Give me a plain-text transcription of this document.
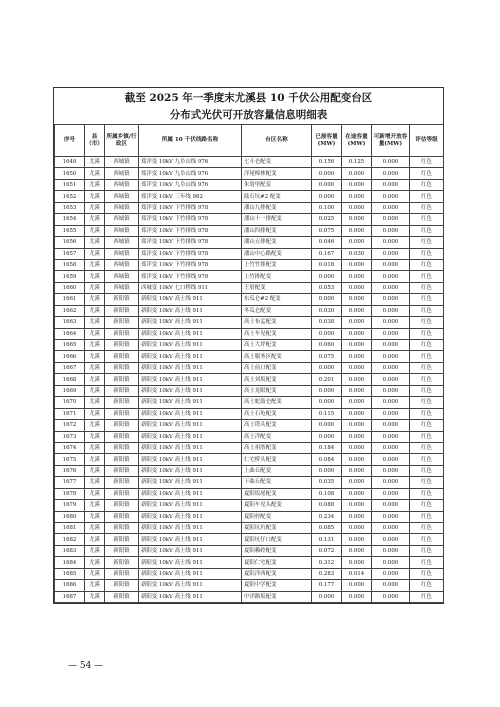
截至 2025 年一季度末尤溪县 10 千伏公用配变台区
分布式光伏可开放容量信息明细表
序号	县（市）	所属乡镇/行政区	所属 10 千伏线路名称	台区名称	已接容量(MW)	在途容量(MW)	可新增开放容量(MW)	评估等级
1649	尤溪	西城镇	郑洋变 10kV 九阜山线 976	七斗仑配变	0.156	0.125	0.000	红色
1650	尤溪	西城镇	郑洋变 10kV 九阜山线 976	洋尾樟林配变	0.000	0.000	0.000	红色
1651	尤溪	西城镇	郑洋变 10kV 九阜山线 976	朱厝里配变	0.000	0.000	0.000	红色
1652	尤溪	西城镇	郑洋变 10kV 三年线 982	陆石坑#2 配变	0.000	0.000	0.000	红色
1653	尤溪	西城镇	郑洋变 10kV 下竹排线 978	潘山九排配变	0.100	0.000	0.000	红色
1654	尤溪	西城镇	郑洋变 10kV 下竹排线 978	潘山十一排配变	0.025	0.000	0.000	红色
1655	尤溪	西城镇	郑洋变 10kV 下竹排线 978	潘山四排配变	0.075	0.000	0.000	红色
1656	尤溪	西城镇	郑洋变 10kV 下竹排线 978	潘山五排配变	0.046	0.000	0.000	红色
1657	尤溪	西城镇	郑洋变 10kV 下竹排线 978	潘山中心路配变	0.167	0.030	0.000	红色
1658	尤溪	西城镇	郑洋变 10kV 下竹排线 978	上竹竹排配变	0.018	0.000	0.000	红色
1659	尤溪	西城镇	郑洋变 10kV 下竹排线 978	上竹排配变	0.000	0.000	0.000	红色
1660	尤溪	西城镇	西城变 10kV 七口桥线 911	王厝配变	0.053	0.000	0.000	红色
1661	尤溪	新阳镇	新阳变 10kV 高士线 911	东瓜仑#2 配变	0.000	0.000	0.000	红色
1662	尤溪	新阳镇	新阳变 10kV 高士线 911	冬瓜仑配变	0.030	0.000	0.000	红色
1663	尤溪	新阳镇	新阳变 10kV 高士线 911	高士布孟配变	0.038	0.000	0.000	红色
1664	尤溪	新阳镇	新阳变 10kV 高士线 911	高士车见配变	0.000	0.000	0.000	红色
1665	尤溪	新阳镇	新阳变 10kV 高士线 911	高士大坪配变	0.060	0.000	0.000	红色
1666	尤溪	新阳镇	新阳变 10kV 高士线 911	高士服务区配变	0.075	0.000	0.000	红色
1667	尤溪	新阳镇	新阳变 10kV 高士线 911	高士前口配变	0.000	0.000	0.000	红色
1668	尤溪	新阳镇	新阳变 10kV 高士线 911	高士刘坂配变	0.201	0.000	0.000	红色
1669	尤溪	新阳镇	新阳变 10kV 高士线 911	高士龙眼配变	0.000	0.000	0.000	红色
1670	尤溪	新阳镇	新阳变 10kV 高士线 911	高士蛇鼓仑配变	0.000	0.000	0.000	红色
1671	尤溪	新阳镇	新阳变 10kV 高士线 911	高士石龟配变	0.115	0.000	0.000	红色
1672	尤溪	新阳镇	新阳变 10kV 高士线 911	高士塔头配变	0.000	0.000	0.000	红色
1673	尤溪	新阳镇	新阳变 10kV 高士线 911	高士洋配变	0.000	0.000	0.000	红色
1674	尤溪	新阳镇	新阳变 10kV 高士线 911	高士祖厝配变	0.184	0.000	0.000	红色
1675	尤溪	新阳镇	新阳变 10kV 高士线 911	仁宅桥头配变	0.084	0.000	0.000	红色
1676	尤溪	新阳镇	新阳变 10kV 高士线 911	上曲丘配变	0.000	0.000	0.000	红色
1677	尤溪	新阳镇	新阳变 10kV 高士线 911	下曲丘配变	0.035	0.000	0.000	红色
1678	尤溪	新阳镇	新阳变 10kV 高士线 911	夏阳坂尾配变	0.108	0.000	0.000	红色
1679	尤溪	新阳镇	新阳变 10kV 高士线 911	夏阳车见头配变	0.088	0.000	0.000	红色
1680	尤溪	新阳镇	新阳变 10kV 高士线 911	夏阳村配变	0.234	0.000	0.000	红色
1681	尤溪	新阳镇	新阳变 10kV 高士线 911	夏阳坑坑配变	0.085	0.000	0.000	红色
1682	尤溪	新阳镇	新阳变 10kV 高士线 911	夏阳坑仔口配变	0.131	0.000	0.000	红色
1683	尤溪	新阳镇	新阳变 10kV 高士线 911	夏阳赖硿配变	0.072	0.000	0.000	红色
1684	尤溪	新阳镇	新阳变 10kV 高士线 911	夏阳仁宅配变	0.312	0.000	0.000	红色
1685	尤溪	新阳镇	新阳变 10kV 高士线 911	夏阳洋西配变	0.283	0.014	0.000	红色
1686	尤溪	新阳镇	新阳变 10kV 高士线 911	夏阳中学配变	0.177	0.000	0.000	红色
1687	尤溪	新阳镇	新阳变 10kV 高士线 911	中洋路坂配变	0.000	0.000	0.000	红色
— 54 —
